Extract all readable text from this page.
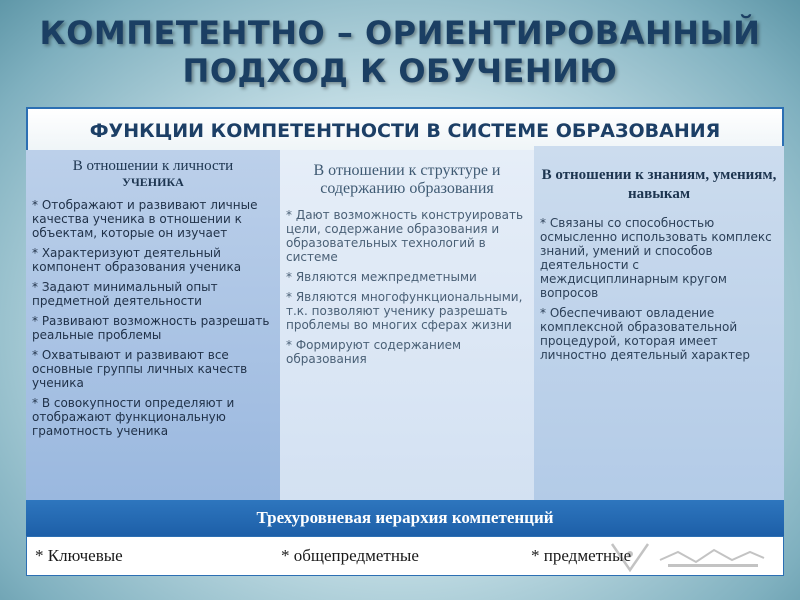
КОМПЕТЕНТНО – ОРИЕНТИРОВАННЫЙ
ПОДХОД К ОБУЧЕНИЮ
ФУНКЦИИ КОМПЕТЕНТНОСТИ В СИСТЕМЕ ОБРАЗОВАНИЯ
В отношении к личности
УЧЕНИКА

* Отображают и развивают личные качества ученика в отношении к объектам, которые он изучает

* Характеризуют деятельный компонент образования ученика

* Задают минимальный опыт предметной деятельности

* Развивают возможность разрешать реальные проблемы

* Охватывают и развивают все основные группы личных качеств ученика

* В совокупности определяют и отображают функциональную грамотность ученика

В отношении к структуре и содержанию образования

* Дают возможность конструировать цели, содержание образования и образовательных технологий в системе

* Являются межпредметными

* Являются многофункциональными, т.к. позволяют ученику разрешать проблемы во многих сферах жизни

* Формируют содержанием образования

В отношении к знаниям, умениям, навыкам

* Связаны со способностью осмысленно использовать комплекс знаний, умений и способов деятельности с междисциплинарным кругом вопросов

* Обеспечивают овладение комплексной образовательной процедурой, которая имеет личностно деятельный характер

Трехуровневая иерархия компетенций
* Ключевые	* общепредметные	* предметные
